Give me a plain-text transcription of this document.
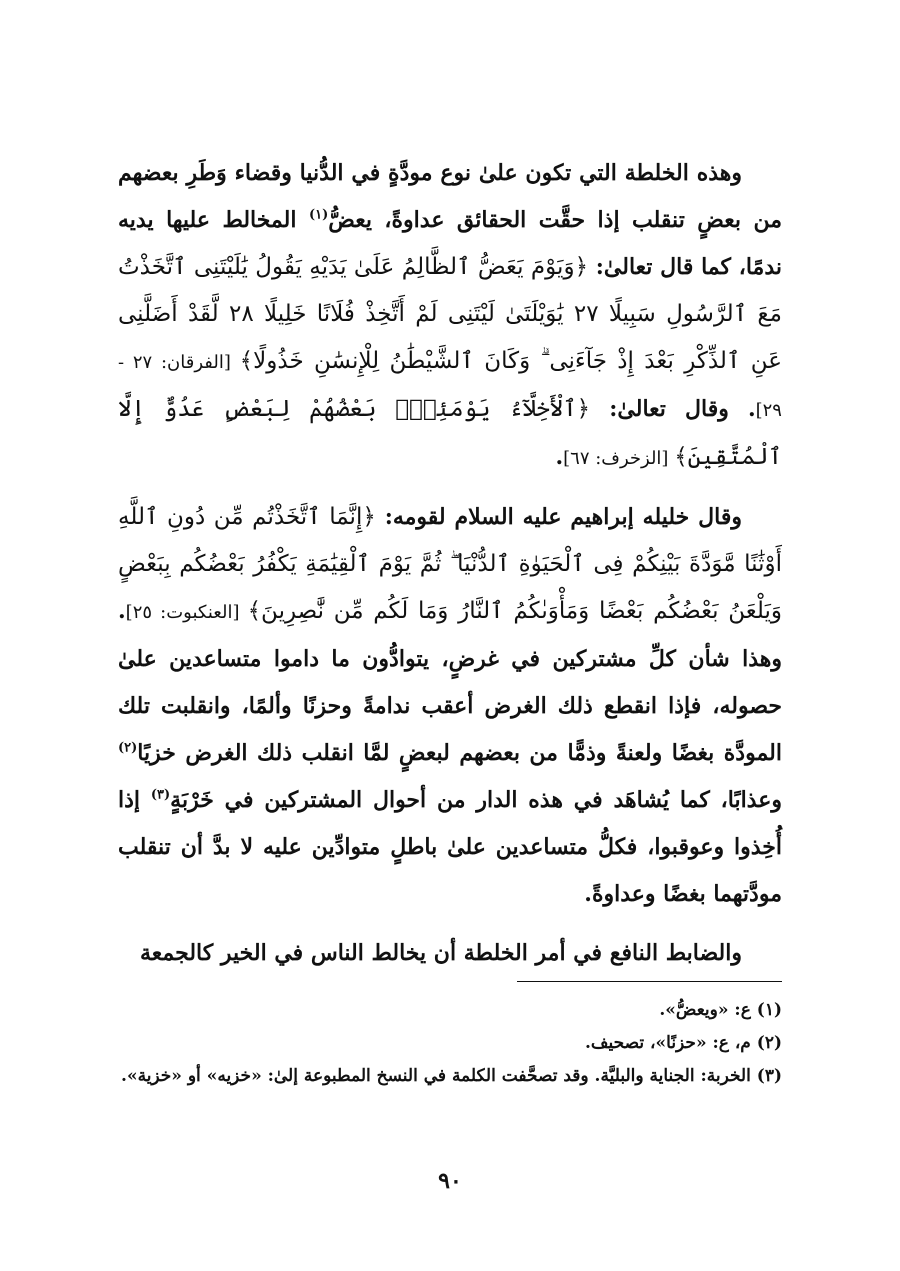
وهذه الخلطة التي تكون علىٰ نوع مودَّةٍ في الدُّنيا وقضاء وَطَرِ بعضهم من بعضٍ تنقلب إذا حقَّت الحقائق عداوةً، يعضُّ$^{(١)}$ المخالط عليها يديه ندمًا، كما قال تعالىٰ: ﴿وَيَوْمَ يَعَضُّ ٱلظَّالِمُ عَلَىٰ يَدَيْهِ يَقُولُ يَٰلَيْتَنِى ٱتَّخَذْتُ مَعَ ٱلرَّسُولِ سَبِيلًا ٢٧ يَٰوَيْلَتَىٰ لَيْتَنِى لَمْ أَتَّخِذْ فُلَانًا خَلِيلًا ٢٨ لَّقَدْ أَضَلَّنِى عَنِ ٱلذِّكْرِ بَعْدَ إِذْ جَآءَنِى ۗ وَكَانَ ٱلشَّيْطَٰنُ لِلْإِنسَٰنِ خَذُولًا﴾ [الفرقان: ٢٧ - ٢٩]. وقال تعالىٰ: ﴿ٱلْأَخِلَّآءُ يَوْمَئِذٍۭ بَعْضُهُمْ لِبَعْضٍ عَدُوٌّ إِلَّا ٱلْمُتَّقِينَ﴾ [الزخرف: ٦٧].

وقال خليله إبراهيم عليه السلام لقومه: ﴿إِنَّمَا ٱتَّخَذْتُم مِّن دُونِ ٱللَّهِ أَوْثَٰنًا مَّوَدَّةَ بَيْنِكُمْ فِى ٱلْحَيَوٰةِ ٱلدُّنْيَا ۖ ثُمَّ يَوْمَ ٱلْقِيَٰمَةِ يَكْفُرُ بَعْضُكُم بِبَعْضٍ وَيَلْعَنُ بَعْضُكُم بَعْضًا وَمَأْوَىٰكُمُ ٱلنَّارُ وَمَا لَكُم مِّن نَّٰصِرِينَ﴾ [العنكبوت: ٢٥]. وهذا شأن كلِّ مشتركين في غرضٍ، يتوادُّون ما داموا متساعدين علىٰ حصوله، فإذا انقطع ذلك الغرض أعقب ندامةً وحزنًا وألمًا، وانقلبت تلك المودَّة بغضًا ولعنةً وذمًّا من بعضهم لبعضٍ لمَّا انقلب ذلك الغرض خزيًا$^{(٢)}$ وعذابًا، كما يُشاهَد في هذه الدار من أحوال المشتركين في خَرْبَةٍ$^{(٣)}$ إذا أُخِذوا وعوقبوا، فكلُّ متساعدين علىٰ باطلٍ متوادِّين عليه لا بدَّ أن تنقلب مودَّتهما بغضًا وعداوةً.

والضابط النافع في أمر الخلطة أن يخالط الناس في الخير كالجمعة

(١) ع: «ويعضُّ».

(٢) م، ع: «حزنًا»، تصحيف.

(٣) الخربة: الجناية والبليَّة. وقد تصحَّفت الكلمة في النسخ المطبوعة إلىٰ: «خزيه» أو «خزية».

٩٠
